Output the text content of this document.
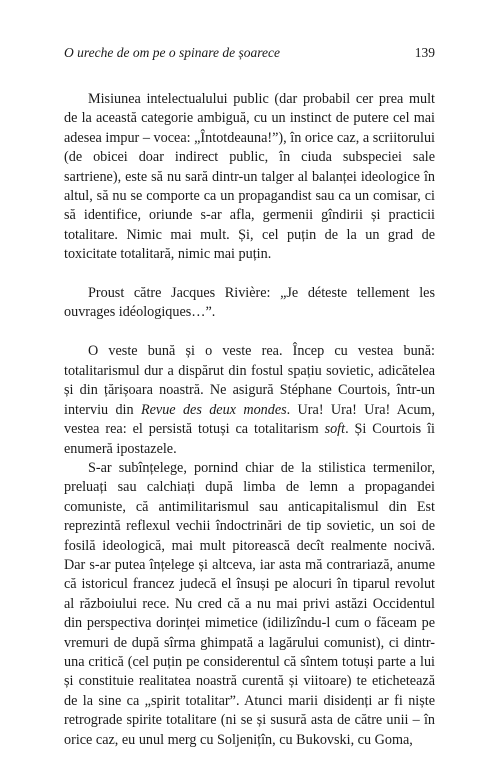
O ureche de om pe o spinare de șoarece	139

Misiunea intelectualului public (dar probabil cer prea mult de la această categorie ambiguă, cu un instinct de putere cel mai adesea impur – vocea: „Întotdeauna!”), în orice caz, a scriitorului (de obicei doar indirect public, în ciuda subspeciei sale sartriene), este să nu sară dintr-un talger al balanței ideologice în altul, să nu se comporte ca un propagandist sau ca un comisar, ci să identifice, oriunde s-ar afla, germenii gîndirii și practicii totalitare. Nimic mai mult. Și, cel puțin de la un grad de toxicitate totalitară, nimic mai puțin.

Proust către Jacques Rivière: „Je déteste tellement les ouvrages idéologiques…”.

O veste bună și o veste rea. Încep cu vestea bună: totalitarismul dur a dispărut din fostul spațiu sovietic, adicătelea și din țărișoara noastră. Ne asigură Stéphane Courtois, într-un interviu din Revue des deux mondes. Ura! Ura! Ura! Acum, vestea rea: el persistă totuși ca totalitarism soft. Și Courtois îi enumeră ipostazele.

S-ar subînțelege, pornind chiar de la stilistica termenilor, preluați sau calchiați după limba de lemn a propagandei comuniste, că antimilitarismul sau anticapitalismul din Est reprezintă reflexul vechii îndoctrinări de tip sovietic, un soi de fosilă ideologică, mai mult pitorească decît realmente nocivă. Dar s-ar putea înțelege și altceva, iar asta mă contrariază, anume că istoricul francez judecă el însuși pe alocuri în tiparul revolut al războiului rece. Nu cred că a nu mai privi astăzi Occidentul din perspectiva dorinței mimetice (idilizîndu-l cum o făceam pe vremuri de după sîrma ghimpată a lagărului comunist), ci dintr-una critică (cel puțin pe considerentul că sîntem totuși parte a lui și constituie realitatea noastră curentă și viitoare) te etichetează de la sine ca „spirit totalitar”. Atunci marii disidenți ar fi niște retrograde spirite totalitare (ni se și susură asta de către unii – în orice caz, eu unul merg cu Soljenițîn, cu Bukovski, cu Goma,
